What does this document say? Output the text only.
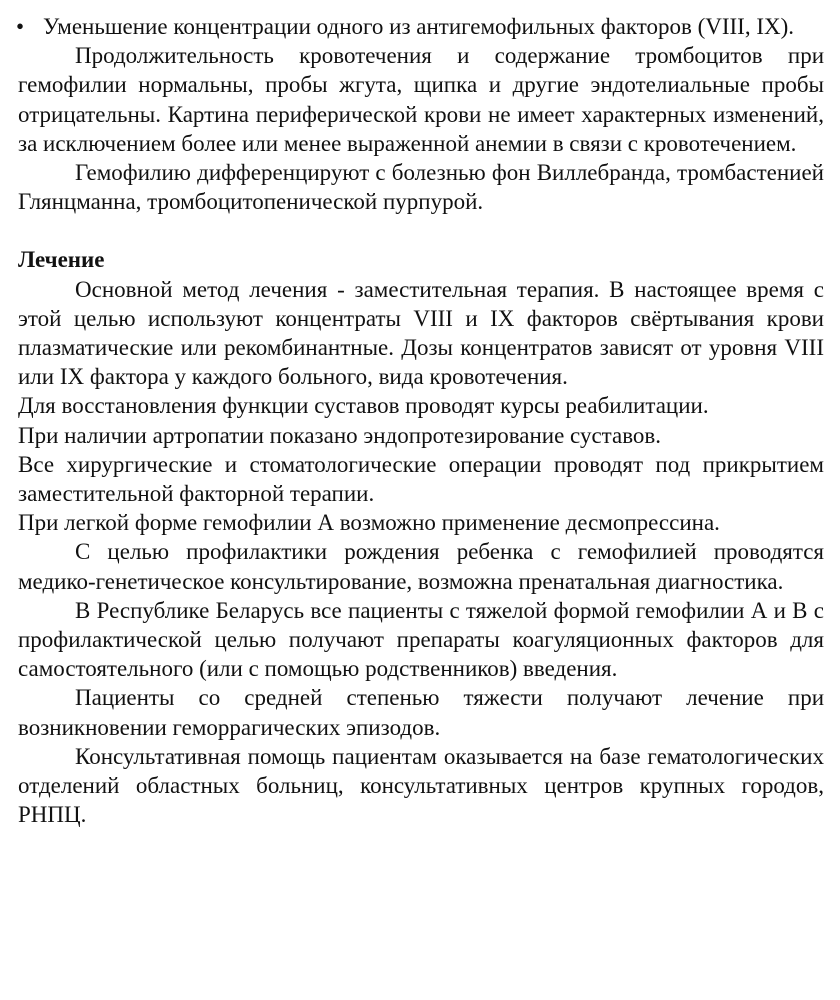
• Уменьшение концентрации одного из антигемофильных факторов (VIII, IX).

Продолжительность кровотечения и содержание тромбоцитов при гемофилии нормальны, пробы жгута, щипка и другие эндотелиальные пробы отрицательны. Картина периферической крови не имеет характерных изменений, за исключением более или менее выраженной анемии в связи с кровотечением.

Гемофилию дифференцируют с болезнью фон Виллебранда, тромбастенией Глянцманна, тромбоцитопенической пурпурой.

Лечение

Основной метод лечения - заместительная терапия. В настоящее время с этой целью используют концентраты VIII и IX факторов свёртывания крови плазматические или рекомбинантные. Дозы концентратов зависят от уровня VIII или IX фактора у каждого больного, вида кровотечения.

Для восстановления функции суставов проводят курсы реабилитации.

При наличии артропатии показано эндопротезирование суставов.

Все хирургические и стоматологические операции проводят под прикрытием заместительной факторной терапии.

При легкой форме гемофилии А возможно применение десмопрессина.

С целью профилактики рождения ребенка с гемофилией проводятся медико-генетическое консультирование, возможна пренатальная диагностика.

В Республике Беларусь все пациенты с тяжелой формой гемофилии А и В с профилактической целью получают препараты коагуляционных факторов для самостоятельного (или с помощью родственников) введения.

Пациенты со средней степенью тяжести получают лечение при возникновении геморрагических эпизодов.

Консультативная помощь пациентам оказывается на базе гематологических отделений областных больниц, консультативных центров крупных городов, РНПЦ.
